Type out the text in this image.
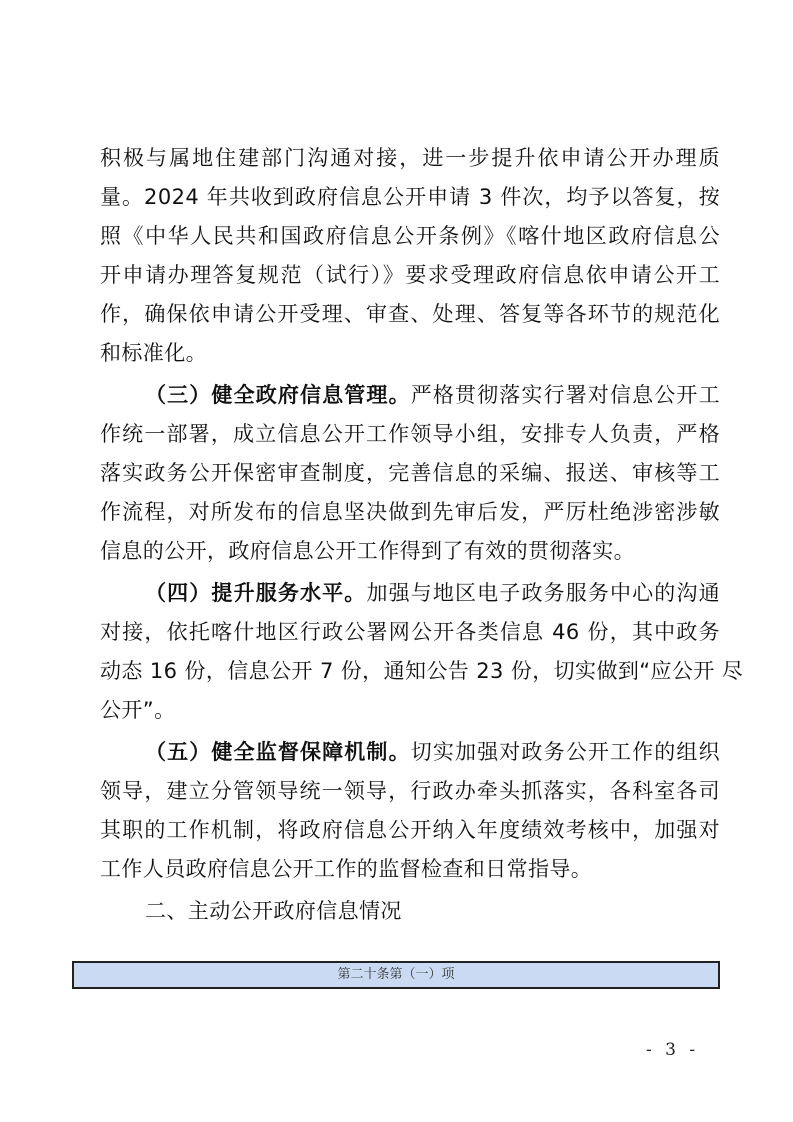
积极与属地住建部门沟通对接，进一步提升依申请公开办理质
量。2024 年共收到政府信息公开申请 3 件次，均予以答复，按
照《中华人民共和国政府信息公开条例》《喀什地区政府信息公
开申请办理答复规范（试行）》要求受理政府信息依申请公开工
作，确保依申请公开受理、审查、处理、答复等各环节的规范化
和标准化。
（三）健全政府信息管理。严格贯彻落实行署对信息公开工
作统一部署，成立信息公开工作领导小组，安排专人负责，严格
落实政务公开保密审查制度，完善信息的采编、报送、审核等工
作流程，对所发布的信息坚决做到先审后发，严厉杜绝涉密涉敏
信息的公开，政府信息公开工作得到了有效的贯彻落实。
（四）提升服务水平。加强与地区电子政务服务中心的沟通
对接，依托喀什地区行政公署网公开各类信息 46 份，其中政务
动态 16 份，信息公开 7 份，通知公告 23 份，切实做到“应公开 尽
公开”。
（五）健全监督保障机制。切实加强对政务公开工作的组织
领导，建立分管领导统一领导，行政办牵头抓落实，各科室各司
其职的工作机制，将政府信息公开纳入年度绩效考核中，加强对
工作人员政府信息公开工作的监督检查和日常指导。
二、主动公开政府信息情况
第二十条第（一）项
- 3 -
